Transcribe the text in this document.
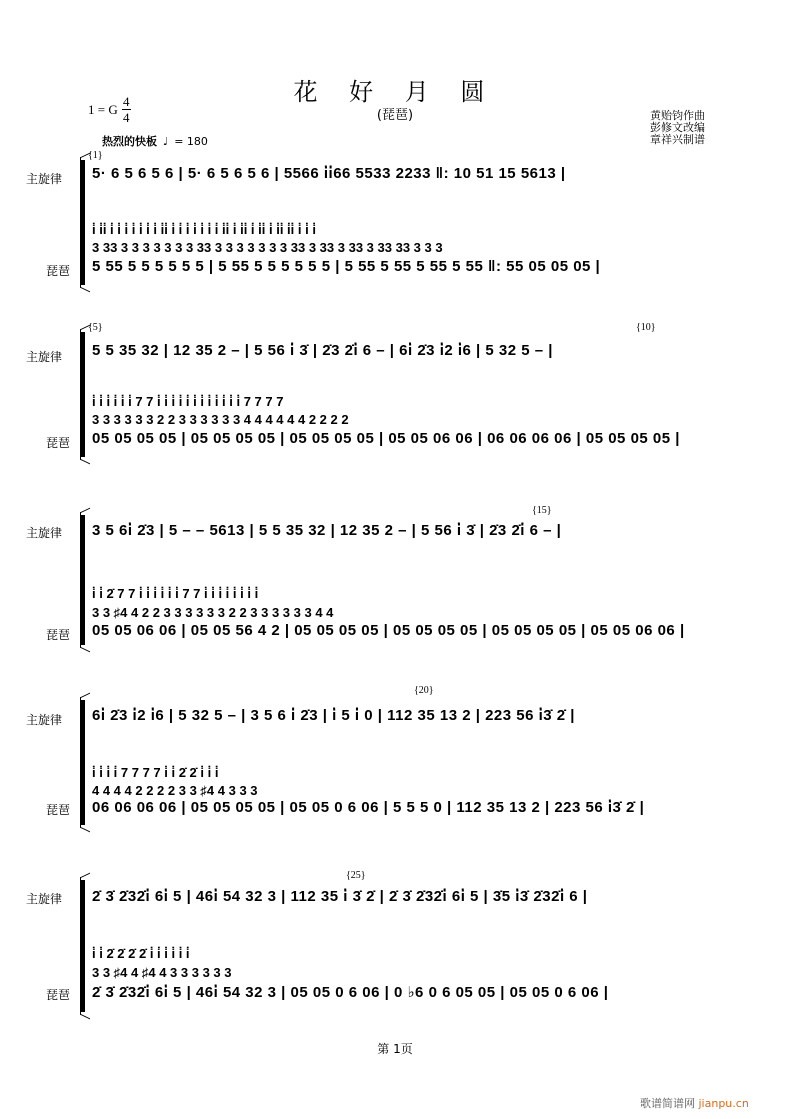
花 好 月 圆
(琵琶)
1 = G 4
4
热烈的快板 ♩ = 180
黄贻钧作曲
彭修文改编
章祥兴制谱
{1}
主旋律
琵琶
5· 6 5 6 5 6 | 5· 6 5 6 5 6 | 5566 i̇i̇66 5533 2233 ‖: 10 51 15 5613 |
i̇ i̇i̇ i̇ i̇ i̇ i̇ i̇ i̇ i̇ i̇i̇ i̇ i̇ i̇ i̇ i̇ i̇ i̇ i̇i̇ i̇ i̇i̇ i̇ i̇i̇ i̇ i̇i̇ i̇i̇ i̇ i̇ i̇
3 33 3 3 3 3 3 3 3 33 3 3 3 3 3 3 3 33 3 33 3 33 3 33 33 3 3 3
5 55 5 5 5 5 5 5 | 5 55 5 5 5 5 5 5 | 5 55 5 55 5 55 5 55 ‖: 55 05 05 05 |
{5}	{10}
主旋律
琵琶
5 5 35 32 | 12 35 2 – | 5 56 i̇ 3̇ | 2̇3 2̇i̇ 6 – | 6i̇ 2̇3 i̇2 i̇6 | 5 32 5 – |
i̇ i̇ i̇ i̇ i̇ i̇ 7 7 i̇ i̇ i̇ i̇ i̇ i̇ i̇ i̇ i̇ i̇ i̇ i̇ 7 7 7 7
3 3 3 3 3 3 2 2 3 3 3 3 3 3 4 4 4 4 4 4 2 2 2 2
05 05 05 05 | 05 05 05 05 | 05 05 05 05 | 05 05 06 06 | 06 06 06 06 | 05 05 05 05 |
{15}
主旋律
琵琶
3 5 6i̇ 2̇3 | 5 – – 5613 | 5 5 35 32 | 12 35 2 – | 5 56 i̇ 3̇ | 2̇3 2̇i̇ 6 – |
i̇ i̇ 2̇ 7 7 i̇ i̇ i̇ i̇ i̇ i̇ 7 7 i̇ i̇ i̇ i̇ i̇ i̇ i̇ i̇
3 3 ♯4 4 2 2 3 3 3 3 3 3 2 2 3 3 3 3 3 3 4 4
05 05 06 06 | 05 05 56 4 2 | 05 05 05 05 | 05 05 05 05 | 05 05 05 05 | 05 05 06 06 |
{20}
主旋律
琵琶
6i̇ 2̇3 i̇2 i̇6 | 5 32 5 – | 3 5 6 i̇ 2̇3 | i̇ 5 i̇ 0 | 112 35 13 2 | 223 56 i̇3̇ 2̇ |
i̇ i̇ i̇ i̇ 7 7 7 7 i̇ i̇ 2̇ 2̇ i̇ i̇ i̇
4 4 4 4 2 2 2 2 3 3 ♯4 4 3 3 3
06 06 06 06 | 05 05 05 05 | 05 05 0 6 06 | 5 5 5 0 | 112 35 13 2 | 223 56 i̇3̇ 2̇ |
{25}
主旋律
琵琶
2̇ 3̇ 2̇32̇i̇ 6i̇ 5 | 46i̇ 54 32 3 | 112 35 i̇ 3̇ 2̇ | 2̇ 3̇ 2̇32̇i̇ 6i̇ 5 | 3̇5 i̇3̇ 2̇32̇i̇ 6 |
i̇ i̇ 2̇ 2̇ 2̇ 2̇ i̇ i̇ i̇ i̇ i̇ i̇
3 3 ♯4 4 ♯4 4 3 3 3 3 3 3
2̇ 3̇ 2̇32̇i̇ 6i̇ 5 | 46i̇ 54 32 3 | 05 05 0 6 06 | 0 ♭6 0 6 05 05 | 05 05 0 6 06 |
第 1页
歌谱简谱网 jianpu.cn
